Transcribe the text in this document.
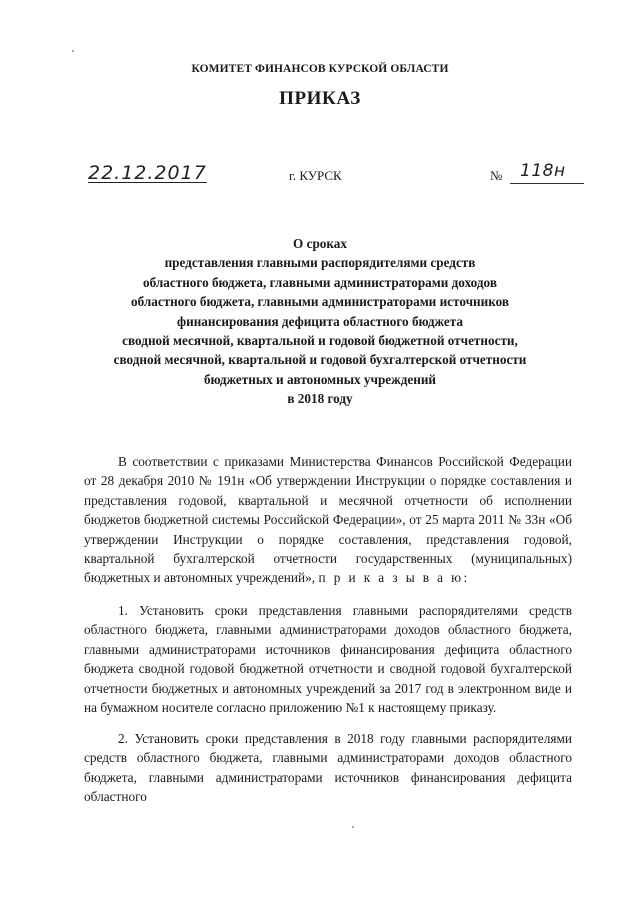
КОМИТЕТ ФИНАНСОВ КУРСКОЙ ОБЛАСТИ
ПРИКАЗ
22.12.2017	г. КУРСК	№ 118н
О сроках
представления главными распорядителями средств
областного бюджета, главными администраторами доходов
областного бюджета, главными администраторами источников
финансирования дефицита областного бюджета
сводной месячной, квартальной и годовой бюджетной отчетности,
сводной месячной, квартальной и годовой бухгалтерской отчетности
бюджетных и автономных учреждений
в 2018 году

В соответствии с приказами Министерства Финансов Российской Федерации от 28 декабря 2010 № 191н «Об утверждении Инструкции о порядке составления и представления годовой, квартальной и месячной отчетности об исполнении бюджетов бюджетной системы Российской Федерации», от 25 марта 2011 № 33н «Об утверждении Инструкции о порядке составления, представления годовой, квартальной бухгалтерской отчетности государственных (муниципальных) бюджетных и автономных учреждений», п р и к а з ы в а ю:

1. Установить сроки представления главными распорядителями средств областного бюджета, главными администраторами доходов областного бюджета, главными администраторами источников финансирования дефицита областного бюджета сводной годовой бюджетной отчетности и сводной годовой бухгалтерской отчетности бюджетных и автономных учреждений за 2017 год в электронном виде и на бумажном носителе согласно приложению №1 к настоящему приказу.

2. Установить сроки представления в 2018 году главными распорядителями средств областного бюджета, главными администраторами доходов областного бюджета, главными администраторами источников финансирования дефицита областного
